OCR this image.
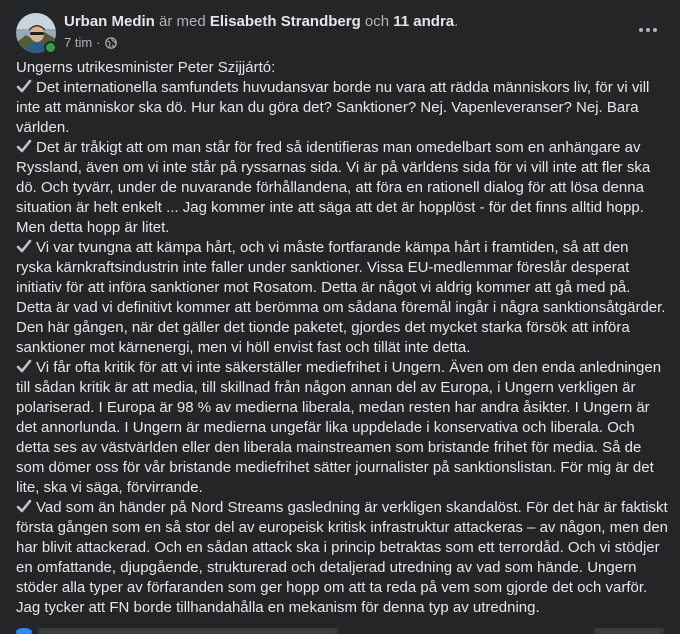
Urban Medin är med Elisabeth Strandberg och 11 andra.
7 tim ·

Ungerns utrikesminister Peter Szijjártó:

Det internationella samfundets huvudansvar borde nu vara att rädda människors liv, för vi vill inte att människor ska dö. Hur kan du göra det? Sanktioner? Nej. Vapenleveranser? Nej. Bara världen.

Det är tråkigt att om man står för fred så identifieras man omedelbart som en anhängare av Ryssland, även om vi inte står på ryssarnas sida. Vi är på världens sida för vi vill inte att fler ska dö. Och tyvärr, under de nuvarande förhållandena, att föra en rationell dialog för att lösa denna situation är helt enkelt ... Jag kommer inte att säga att det är hopplöst - för det finns alltid hopp. Men detta hopp är litet.

Vi var tvungna att kämpa hårt, och vi måste fortfarande kämpa hårt i framtiden, så att den ryska kärnkraftsindustrin inte faller under sanktioner. Vissa EU-medlemmar föreslår desperat initiativ för att införa sanktioner mot Rosatom. Detta är något vi aldrig kommer att gå med på. Detta är vad vi definitivt kommer att berömma om sådana föremål ingår i några sanktionsåtgärder. Den här gången, när det gäller det tionde paketet, gjordes det mycket starka försök att införa sanktioner mot kärnenergi, men vi höll envist fast och tillät inte detta.

Vi får ofta kritik för att vi inte säkerställer mediefrihet i Ungern. Även om den enda anledningen till sådan kritik är att media, till skillnad från någon annan del av Europa, i Ungern verkligen är polariserad. I Europa är 98 % av medierna liberala, medan resten har andra åsikter. I Ungern är det annorlunda. I Ungern är medierna ungefär lika uppdelade i konservativa och liberala. Och detta ses av västvärlden eller den liberala mainstreamen som bristande frihet för media. Så de som dömer oss för vår bristande mediefrihet sätter journalister på sanktionslistan. För mig är det lite, ska vi säga, förvirrande.

Vad som än händer på Nord Streams gasledning är verkligen skandalöst. För det här är faktiskt första gången som en så stor del av europeisk kritisk infrastruktur attackeras – av någon, men den har blivit attackerad. Och en sådan attack ska i princip betraktas som ett terrordåd. Och vi stödjer en omfattande, djupgående, strukturerad och detaljerad utredning av vad som hände. Ungern stöder alla typer av förfaranden som ger hopp om att ta reda på vem som gjorde det och varför. Jag tycker att FN borde tillhandahålla en mekanism för denna typ av utredning.
